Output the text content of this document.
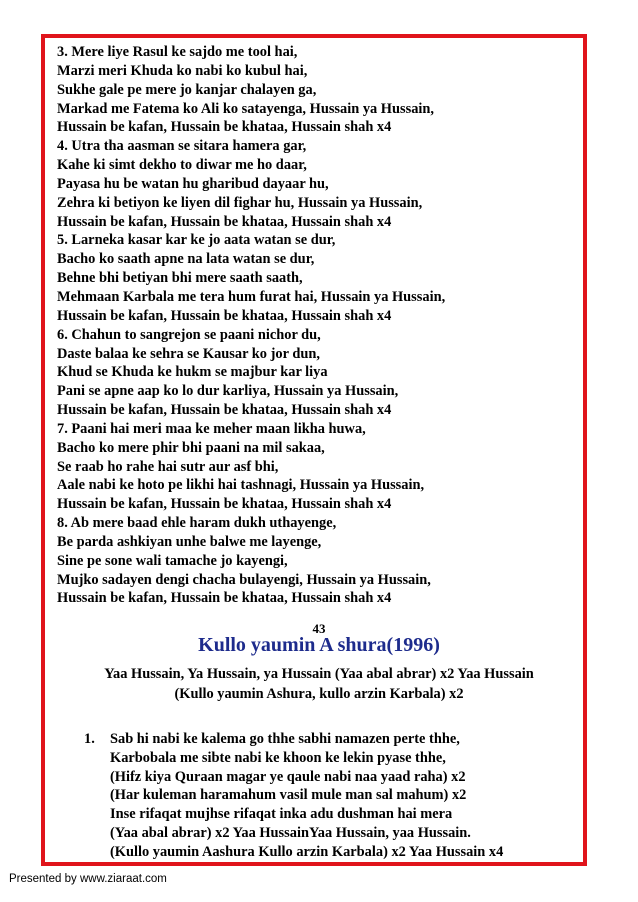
3. Mere liye Rasul ke sajdo me tool hai,
Marzi meri Khuda ko nabi ko kubul hai,
Sukhe gale pe mere jo kanjar chalayen ga,
Markad me Fatema ko Ali ko satayenga, Hussain ya Hussain,
Hussain be kafan, Hussain be khataa, Hussain shah x4
4. Utra tha aasman se sitara hamera gar,
Kahe ki simt dekho to diwar me ho daar,
Payasa hu be watan hu gharibud dayaar hu,
Zehra ki betiyon ke liyen dil fighar hu, Hussain ya Hussain,
Hussain be kafan, Hussain be khataa, Hussain shah x4
5. Larneka kasar kar ke jo aata watan se dur,
Bacho ko saath apne na lata watan se dur,
Behne bhi betiyan bhi mere saath saath,
Mehmaan Karbala me tera hum furat hai, Hussain ya Hussain,
Hussain be kafan, Hussain be khataa, Hussain shah x4
6. Chahun to sangrejon se paani nichor du,
Daste balaa ke sehra se Kausar ko jor dun,
Khud se Khuda ke hukm se majbur kar liya
Pani se apne aap ko lo dur karliya, Hussain ya Hussain,
Hussain be kafan, Hussain be khataa, Hussain shah x4
7. Paani hai meri maa ke meher maan likha huwa,
Bacho ko mere phir bhi paani na mil sakaa,
Se raab ho rahe hai sutr aur asf bhi,
Aale nabi ke hoto pe likhi hai tashnagi, Hussain ya Hussain,
Hussain be kafan, Hussain be khataa, Hussain shah x4
8. Ab mere baad ehle haram dukh uthayenge,
Be parda ashkiyan unhe balwe me layenge,
Sine pe sone wali tamache jo kayengi,
Mujko sadayen dengi chacha bulayengi, Hussain ya Hussain,
Hussain be kafan, Hussain be khataa, Hussain shah x4
43
Kullo yaumin A shura(1996)
Yaa Hussain, Ya Hussain, ya Hussain (Yaa abal abrar) x2 Yaa Hussain
(Kullo yaumin Ashura, kullo arzin Karbala) x2
1. Sab hi nabi ke kalema go thhe sabhi namazen perte thhe,
Karbobala me sibte nabi ke khoon ke lekin pyase thhe,
(Hifz kiya Quraan magar ye qaule nabi naa yaad raha) x2
(Har kuleman haramahum vasil mule man sal mahum) x2
Inse rifaqat mujhse rifaqat inka adu dushman hai mera
(Yaa abal abrar) x2 Yaa HussainYaa Hussain, yaa Hussain.
(Kullo yaumin Aashura Kullo arzin Karbala) x2 Yaa Hussain x4
Presented by www.ziaraat.com
